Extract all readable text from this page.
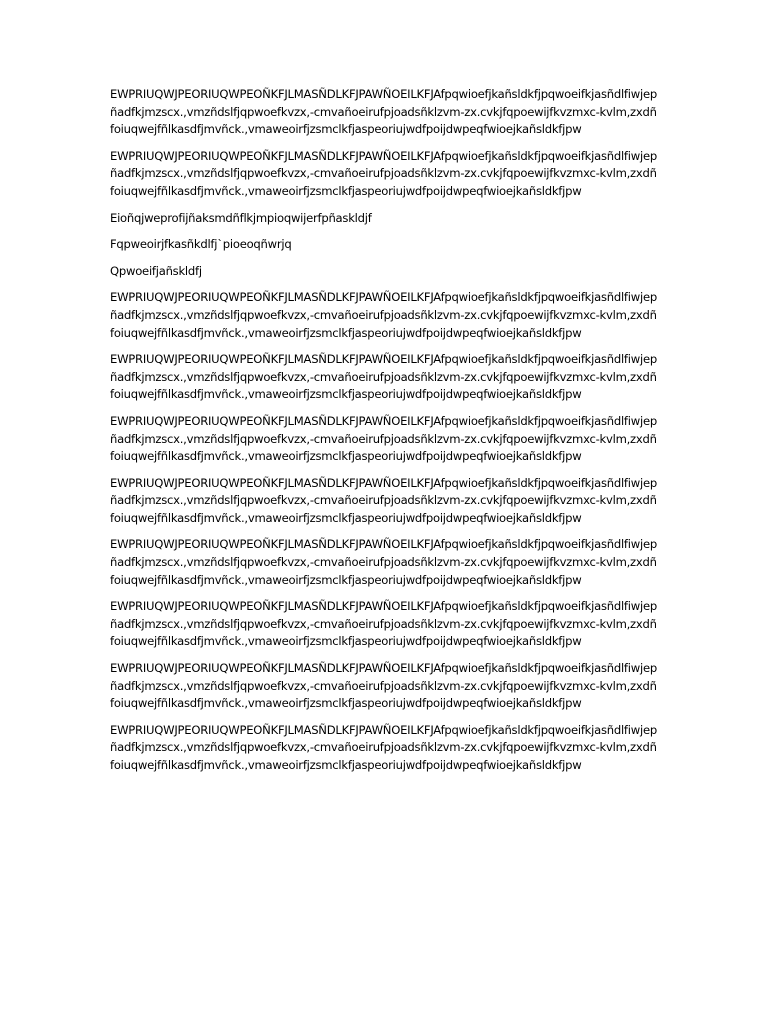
EWPRIUQWJPEORIUQWPEOÑKFJLMASÑDLKFJPAWÑOEILKFJAfpqwioefjkañsldkfjpqwoeifkjasñdlfiwjepñadfkjmzscx.,vmzñdslfjqpwoefkvzx,-cmvañoeirufpjoadsñklzvm-zx.cvkjfqpoewijfkvzmxc-kvlm,zxdñfoiuqwejfñlkasdfjmvñck.,vmaweoirfjzsmclkfjaspeoriujwdfpoijdwpeqfwioejkañsldkfjpw

EWPRIUQWJPEORIUQWPEOÑKFJLMASÑDLKFJPAWÑOEILKFJAfpqwioefjkañsldkfjpqwoeifkjasñdlfiwjepñadfkjmzscx.,vmzñdslfjqpwoefkvzx,-cmvañoeirufpjoadsñklzvm-zx.cvkjfqpoewijfkvzmxc-kvlm,zxdñfoiuqwejfñlkasdfjmvñck.,vmaweoirfjzsmclkfjaspeoriujwdfpoijdwpeqfwioejkañsldkfjpw

Eioñqjweprofijñaksmdñflkjmpioqwijerfpñaskldjf

Fqpweoirjfkasñkdlfj`pioeoqñwrjq

Qpwoeifjañskldfj

EWPRIUQWJPEORIUQWPEOÑKFJLMASÑDLKFJPAWÑOEILKFJAfpqwioefjkañsldkfjpqwoeifkjasñdlfiwjepñadfkjmzscx.,vmzñdslfjqpwoefkvzx,-cmvañoeirufpjoadsñklzvm-zx.cvkjfqpoewijfkvzmxc-kvlm,zxdñfoiuqwejfñlkasdfjmvñck.,vmaweoirfjzsmclkfjaspeoriujwdfpoijdwpeqfwioejkañsldkfjpw

EWPRIUQWJPEORIUQWPEOÑKFJLMASÑDLKFJPAWÑOEILKFJAfpqwioefjkañsldkfjpqwoeifkjasñdlfiwjepñadfkjmzscx.,vmzñdslfjqpwoefkvzx,-cmvañoeirufpjoadsñklzvm-zx.cvkjfqpoewijfkvzmxc-kvlm,zxdñfoiuqwejfñlkasdfjmvñck.,vmaweoirfjzsmclkfjaspeoriujwdfpoijdwpeqfwioejkañsldkfjpw

EWPRIUQWJPEORIUQWPEOÑKFJLMASÑDLKFJPAWÑOEILKFJAfpqwioefjkañsldkfjpqwoeifkjasñdlfiwjepñadfkjmzscx.,vmzñdslfjqpwoefkvzx,-cmvañoeirufpjoadsñklzvm-zx.cvkjfqpoewijfkvzmxc-kvlm,zxdñfoiuqwejfñlkasdfjmvñck.,vmaweoirfjzsmclkfjaspeoriujwdfpoijdwpeqfwioejkañsldkfjpw

EWPRIUQWJPEORIUQWPEOÑKFJLMASÑDLKFJPAWÑOEILKFJAfpqwioefjkañsldkfjpqwoeifkjasñdlfiwjepñadfkjmzscx.,vmzñdslfjqpwoefkvzx,-cmvañoeirufpjoadsñklzvm-zx.cvkjfqpoewijfkvzmxc-kvlm,zxdñfoiuqwejfñlkasdfjmvñck.,vmaweoirfjzsmclkfjaspeoriujwdfpoijdwpeqfwioejkañsldkfjpw

EWPRIUQWJPEORIUQWPEOÑKFJLMASÑDLKFJPAWÑOEILKFJAfpqwioefjkañsldkfjpqwoeifkjasñdlfiwjepñadfkjmzscx.,vmzñdslfjqpwoefkvzx,-cmvañoeirufpjoadsñklzvm-zx.cvkjfqpoewijfkvzmxc-kvlm,zxdñfoiuqwejfñlkasdfjmvñck.,vmaweoirfjzsmclkfjaspeoriujwdfpoijdwpeqfwioejkañsldkfjpw

EWPRIUQWJPEORIUQWPEOÑKFJLMASÑDLKFJPAWÑOEILKFJAfpqwioefjkañsldkfjpqwoeifkjasñdlfiwjepñadfkjmzscx.,vmzñdslfjqpwoefkvzx,-cmvañoeirufpjoadsñklzvm-zx.cvkjfqpoewijfkvzmxc-kvlm,zxdñfoiuqwejfñlkasdfjmvñck.,vmaweoirfjzsmclkfjaspeoriujwdfpoijdwpeqfwioejkañsldkfjpw

EWPRIUQWJPEORIUQWPEOÑKFJLMASÑDLKFJPAWÑOEILKFJAfpqwioefjkañsldkfjpqwoeifkjasñdlfiwjepñadfkjmzscx.,vmzñdslfjqpwoefkvzx,-cmvañoeirufpjoadsñklzvm-zx.cvkjfqpoewijfkvzmxc-kvlm,zxdñfoiuqwejfñlkasdfjmvñck.,vmaweoirfjzsmclkfjaspeoriujwdfpoijdwpeqfwioejkañsldkfjpw

EWPRIUQWJPEORIUQWPEOÑKFJLMASÑDLKFJPAWÑOEILKFJAfpqwioefjkañsldkfjpqwoeifkjasñdlfiwjepñadfkjmzscx.,vmzñdslfjqpwoefkvzx,-cmvañoeirufpjoadsñklzvm-zx.cvkjfqpoewijfkvzmxc-kvlm,zxdñfoiuqwejfñlkasdfjmvñck.,vmaweoirfjzsmclkfjaspeoriujwdfpoijdwpeqfwioejkañsldkfjpw
